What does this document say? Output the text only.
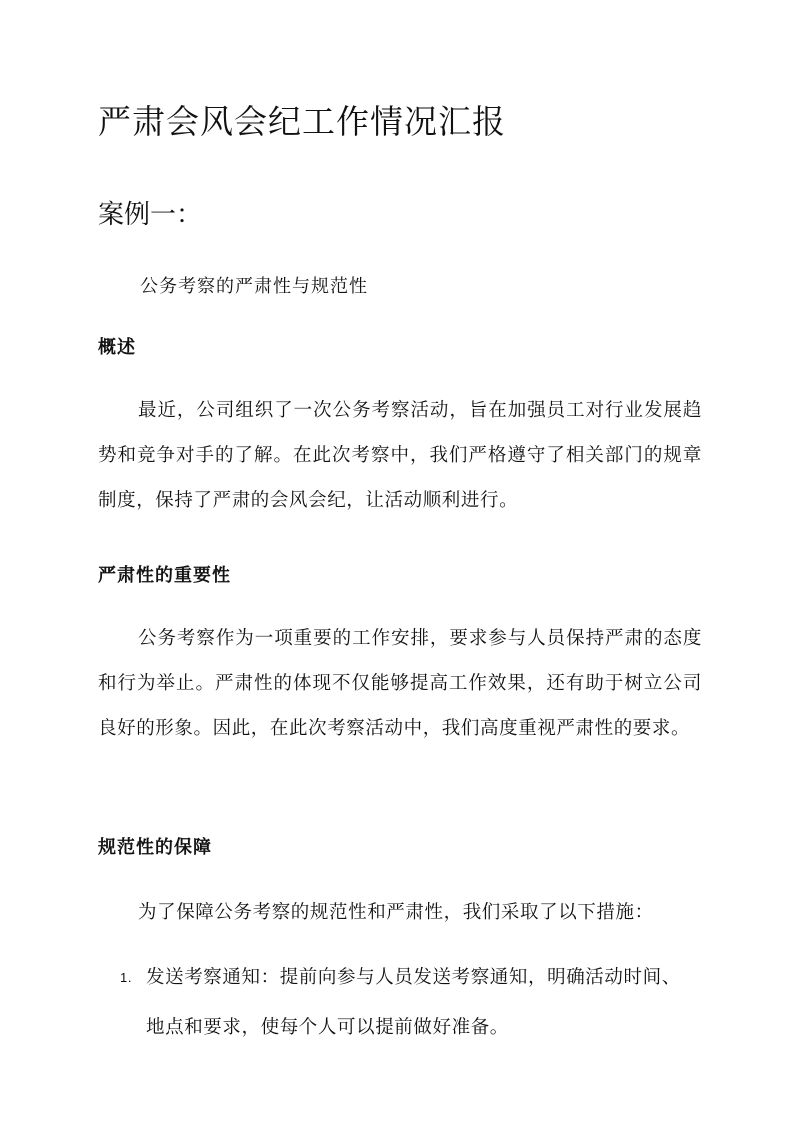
严肃会风会纪工作情况汇报
案例一：

公务考察的严肃性与规范性

概述

最近，公司组织了一次公务考察活动，旨在加强员工对行业发展趋势和竞争对手的了解。在此次考察中，我们严格遵守了相关部门的规章制度，保持了严肃的会风会纪，让活动顺利进行。

严肃性的重要性

公务考察作为一项重要的工作安排，要求参与人员保持严肃的态度和行为举止。严肃性的体现不仅能够提高工作效果，还有助于树立公司良好的形象。因此，在此次考察活动中，我们高度重视严肃性的要求。

规范性的保障

为了保障公务考察的规范性和严肃性，我们采取了以下措施：

1. 发送考察通知：提前向参与人员发送考察通知，明确活动时间、地点和要求，使每个人可以提前做好准备。
